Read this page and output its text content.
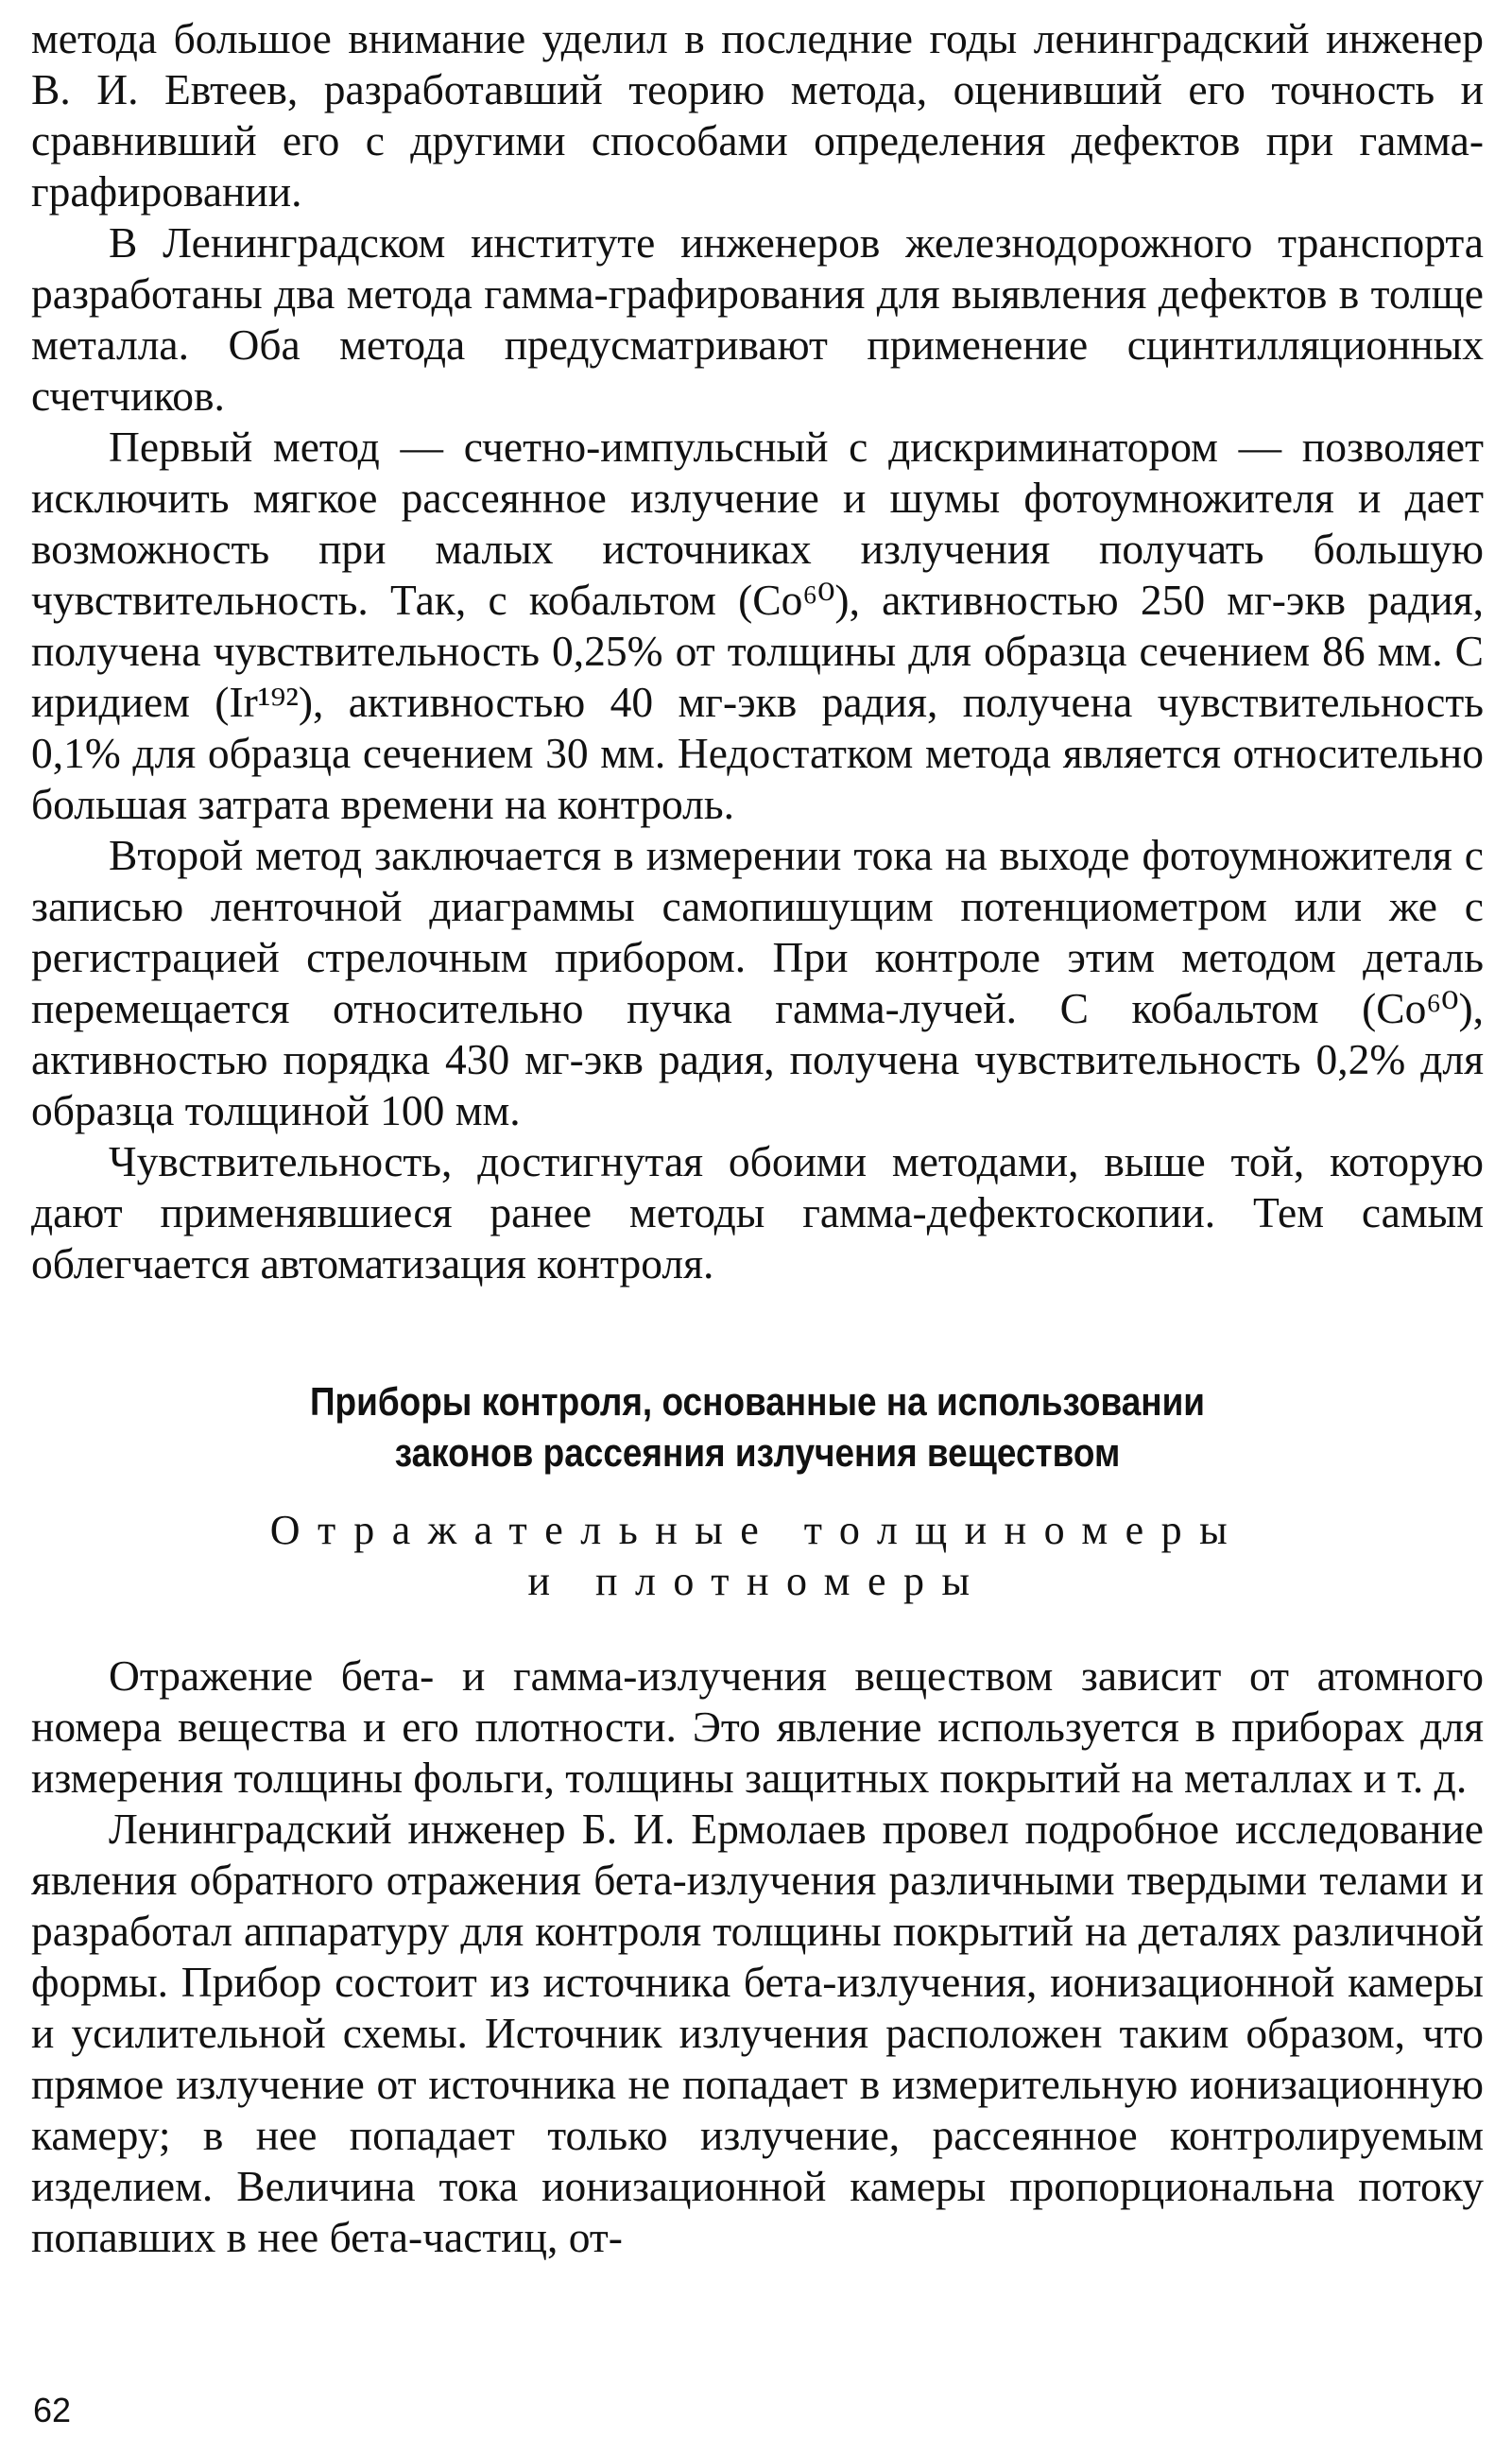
метода большое внимание уделил в последние годы ленинградский инженер В. И. Евтеев, разработавший теорию метода, оценивший его точность и сравнивший его с другими способами определения дефектов при гамма-графировании.

В Ленинградском институте инженеров железнодорожного транспорта разработаны два метода гамма-графирования для выявления дефектов в толще металла. Оба метода предусматривают применение сцинтилляционных счетчиков.

Первый метод — счетно-импульсный с дискриминатором — позволяет исключить мягкое рассеянное излучение и шумы фотоумножителя и дает возможность при малых источниках излучения получать большую чувствительность. Так, с кобальтом (Co⁶⁰), активностью 250 мг-экв радия, получена чувствительность 0,25% от толщины для образца сечением 86 мм. С иридием (Ir¹⁹²), активностью 40 мг-экв радия, получена чувствительность 0,1% для образца сечением 30 мм. Недостатком метода является относительно большая затрата времени на контроль.

Второй метод заключается в измерении тока на выходе фотоумножителя с записью ленточной диаграммы самопишущим потенциометром или же с регистрацией стрелочным прибором. При контроле этим методом деталь перемещается относительно пучка гамма-лучей. С кобальтом (Co⁶⁰), активностью порядка 430 мг-экв радия, получена чувствительность 0,2% для образца толщиной 100 мм.

Чувствительность, достигнутая обоими методами, выше той, которую дают применявшиеся ранее методы гамма-дефектоскопии. Тем самым облегчается автоматизация контроля.

Приборы контроля, основанные на использовании
законов рассеяния излучения веществом
Отражательные толщиномеры
и плотномеры

Отражение бета- и гамма-излучения веществом зависит от атомного номера вещества и его плотности. Это явление используется в приборах для измерения толщины фольги, толщины защитных покрытий на металлах и т. д.

Ленинградский инженер Б. И. Ермолаев провел подробное исследование явления обратного отражения бета-излучения различными твердыми телами и разработал аппаратуру для контроля толщины покрытий на деталях различной формы. Прибор состоит из источника бета-излучения, ионизационной камеры и усилительной схемы. Источник излучения расположен таким образом, что прямое излучение от источника не попадает в измерительную ионизационную камеру; в нее попадает только излучение, рассеянное контролируемым изделием. Величина тока ионизационной камеры пропорциональна потоку попавших в нее бета-частиц, от-

62
